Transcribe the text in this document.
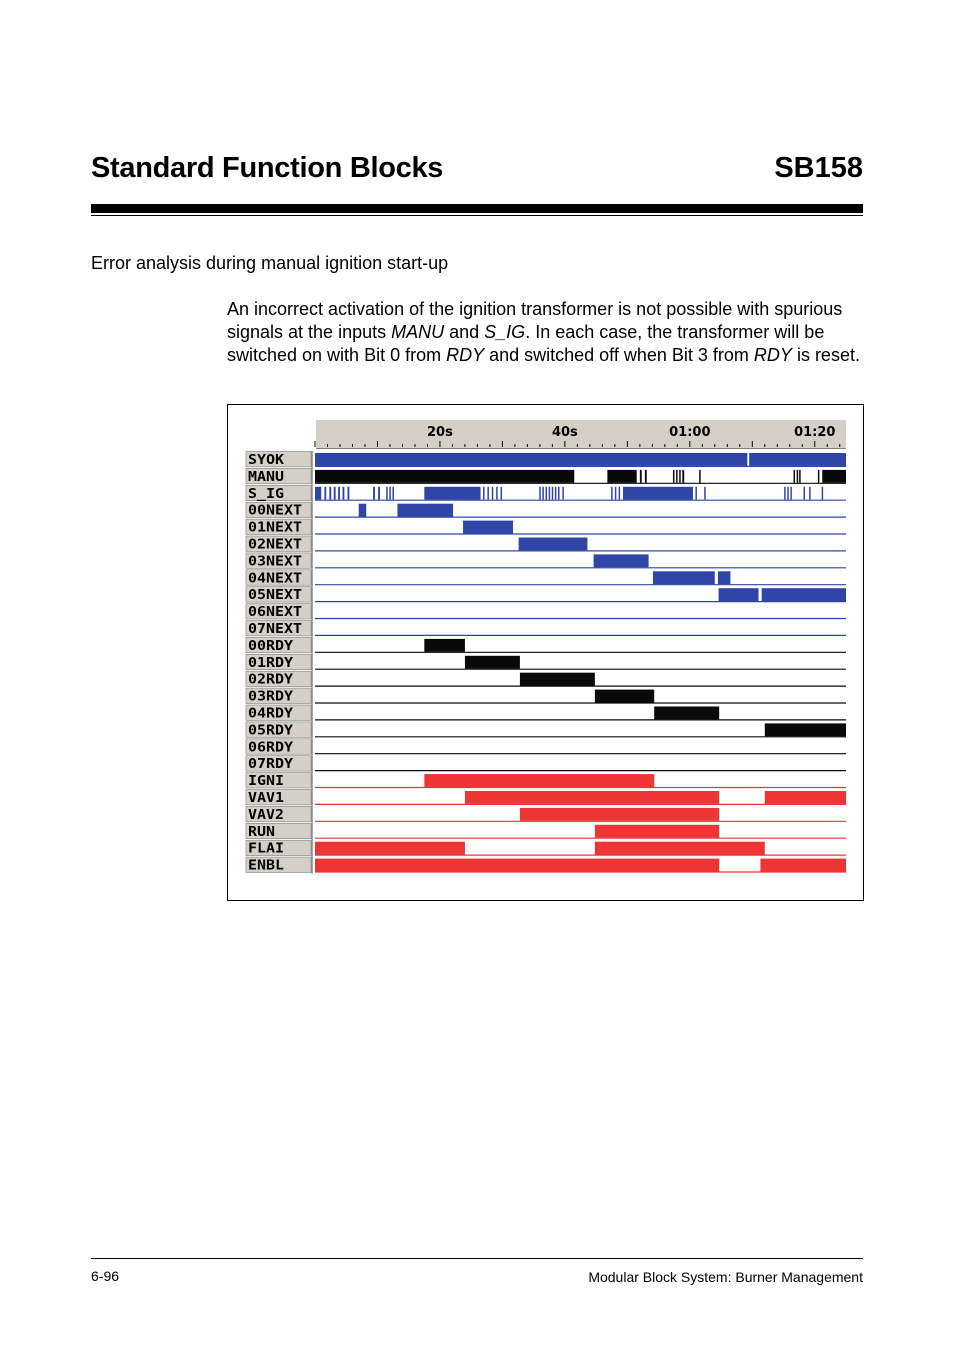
Standard Function Blocks	SB158
Error analysis during manual ignition start-up
An incorrect activation of the ignition transformer is not possible with spurious signals at the inputs MANU and S_IG. In each case, the transformer will be switched on with Bit 0 from RDY and switched off when Bit 3 from RDY is reset.
20s	40s	01:00	01:20
SYOK
MANU
S_IG
00NEXT
01NEXT
02NEXT
03NEXT
04NEXT
05NEXT
06NEXT
07NEXT
00RDY
01RDY
02RDY
03RDY
04RDY
05RDY
06RDY
07RDY
IGNI
VAV1
VAV2
RUN
FLAI
ENBL
6-96	Modular Block System: Burner Management
